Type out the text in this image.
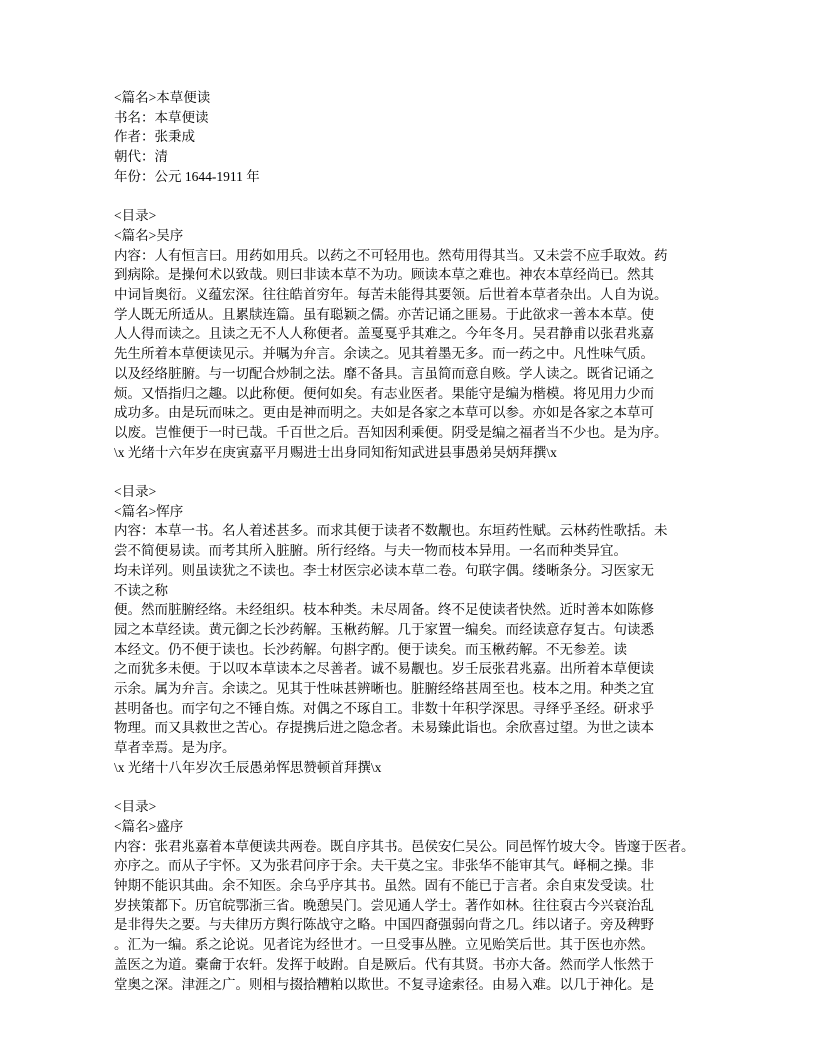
<篇名>本草便读
书名：本草便读
作者：张秉成
朝代：清
年份：公元 1644-1911 年
<目录>
<篇名>吴序
内容：人有恒言曰。用药如用兵。以药之不可轻用也。然苟用得其当。又未尝不应手取效。药
到病除。是操何术以致哉。则曰非读本草不为功。顾读本草之难也。神农本草经尚已。然其
中词旨奥衍。义蕴宏深。往往皓首穷年。每苦未能得其要领。后世着本草者杂出。人自为说。
学人既无所适从。且累牍连篇。虽有聪颖之儒。亦苦记诵之匪易。于此欲求一善本本草。使
人人得而读之。且读之无不人人称便者。盖戛戛乎其难之。今年冬月。吴君静甫以张君兆嘉
先生所着本草便读见示。并嘱为弁言。余读之。见其着墨无多。而一药之中。凡性味气质。
以及经络脏腑。与一切配合炒制之法。靡不备具。言虽简而意自赅。学人读之。既省记诵之
烦。又悟指归之趣。以此称便。便何如矣。有志业医者。果能守是编为楷模。将见用力少而
成功多。由是玩而味之。更由是神而明之。夫如是各家之本草可以参。亦如是各家之本草可
以废。岂惟便于一时已哉。千百世之后。吾知因利乘便。阴受是编之福者当不少也。是为序。
\x 光绪十六年岁在庚寅嘉平月赐进士出身同知衔知武进县事愚弟吴炳拜撰\x
<目录>
<篇名>恽序
内容：本草一书。名人着述甚多。而求其便于读者不数觏也。东垣药性赋。云林药性歌括。未
尝不简便易读。而考其所入脏腑。所行经络。与夫一物而枝本异用。一名而种类异宜。
均未详列。则虽读犹之不读也。李士材医宗必读本草二卷。句联字偶。缕晰条分。习医家无
不读之称
便。然而脏腑经络。未经组织。枝本种类。未尽周备。终不足使读者快然。近时善本如陈修
园之本草经读。黄元御之长沙药解。玉楸药解。几于家置一编矣。而经读意存复古。句读悉
本经文。仍不便于读也。长沙药解。句斟字酌。便于读矣。而玉楸药解。不无参差。读
之而犹多未便。于以叹本草读本之尽善者。诚不易觏也。岁壬辰张君兆嘉。出所着本草便读
示余。属为弁言。余读之。见其于性味甚辨晰也。脏腑经络甚周至也。枝本之用。种类之宜
甚明备也。而字句之不锤自炼。对偶之不琢自工。非数十年积学深思。寻绎乎圣经。研求乎
物理。而又具救世之苦心。存提携后进之隐念者。未易臻此诣也。余欣喜过望。为世之读本
草者幸焉。是为序。
\x 光绪十八年岁次壬辰愚弟恽思赞顿首拜撰\x
<目录>
<篇名>盛序
内容：张君兆嘉着本草便读共两卷。既自序其书。邑侯安仁吴公。同邑恽竹坡大令。皆邃于医者。
亦序之。而从子宇怀。又为张君问序于余。夫干莫之宝。非张华不能审其气。峄桐之操。非
钟期不能识其曲。余不知医。余乌乎序其书。虽然。固有不能已于言者。余自束发受读。壮
岁挟策都下。历官皖鄂浙三省。晚憩吴门。尝见通人学士。著作如林。往往裒古今兴衰治乱
是非得失之要。与夫律历方舆行陈战守之略。中国四裔强弱向背之几。纬以诸子。旁及稗野
。汇为一编。系之论说。见者诧为经世才。一旦受事丛脞。立见贻笑后世。其于医也亦然。
盖医之为道。橐龠于农轩。发挥于岐跗。自是厥后。代有其贤。书亦大备。然而学人怅然于
堂奥之深。津涯之广。则相与掇拾糟粕以欺世。不复寻途索径。由易入难。以几于神化。是
